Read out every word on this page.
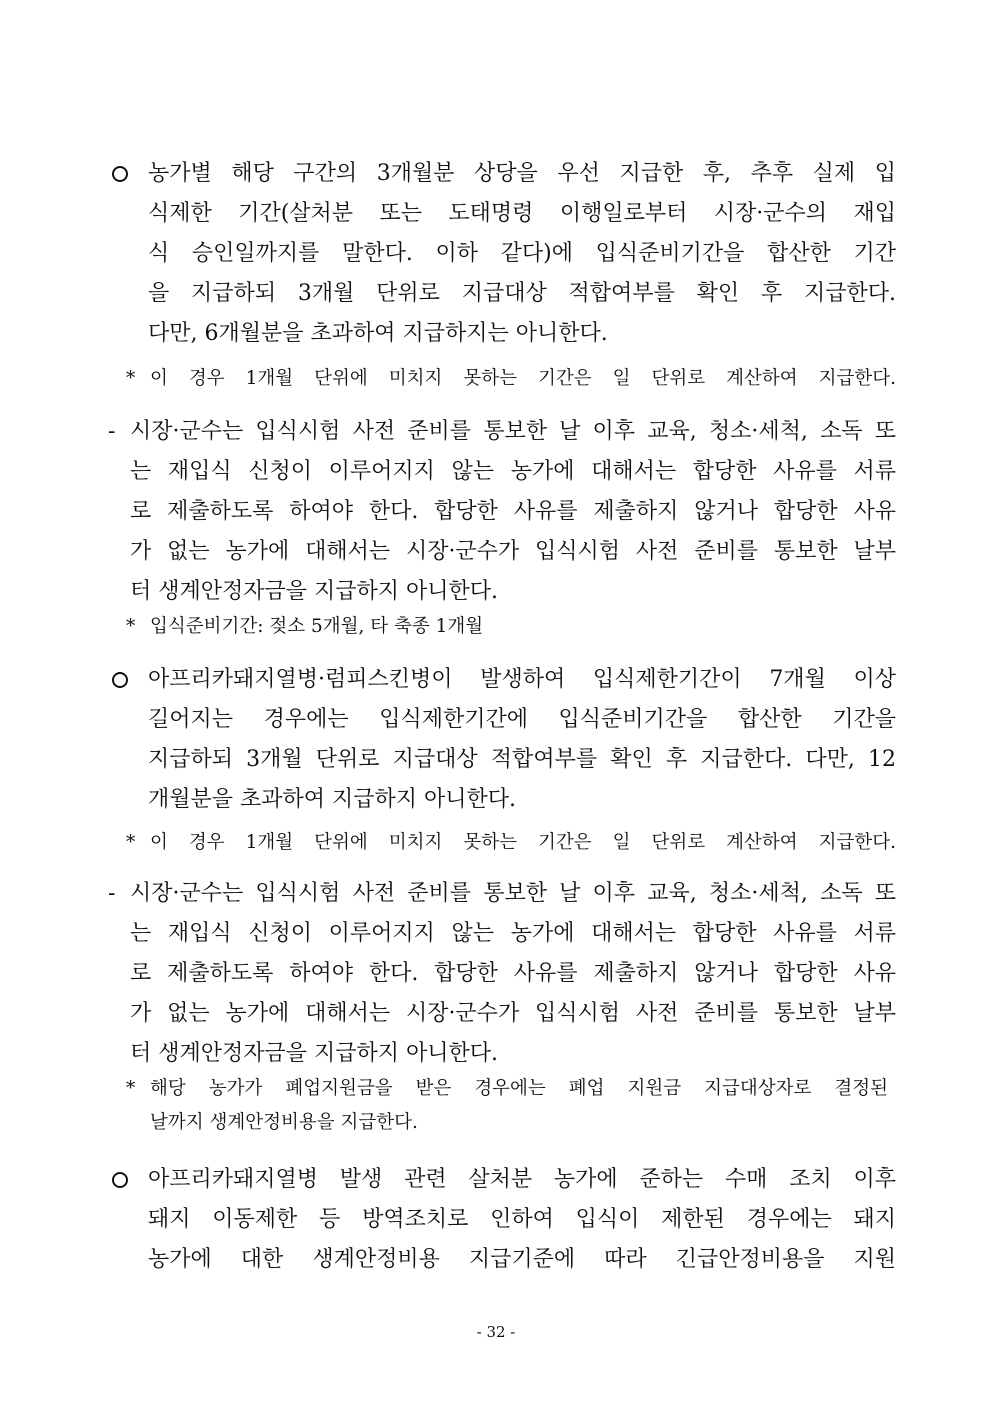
농가별 해당 구간의 3개월분 상당을 우선 지급한 후, 추후 실제 입
식제한 기간(살처분 또는 도태명령 이행일로부터 시장·군수의 재입
식 승인일까지를 말한다. 이하 같다)에 입식준비기간을 합산한 기간
을 지급하되 3개월 단위로 지급대상 적합여부를 확인 후 지급한다.
다만, 6개월분을 초과하여 지급하지는 아니한다.
* 이 경우 1개월 단위에 미치지 못하는 기간은 일 단위로 계산하여 지급한다.
- 시장·군수는 입식시험 사전 준비를 통보한 날 이후 교육, 청소·세척, 소독 또
는 재입식 신청이 이루어지지 않는 농가에 대해서는 합당한 사유를 서류
로 제출하도록 하여야 한다. 합당한 사유를 제출하지 않거나 합당한 사유
가 없는 농가에 대해서는 시장·군수가 입식시험 사전 준비를 통보한 날부
터 생계안정자금을 지급하지 아니한다.
* 입식준비기간: 젖소 5개월, 타 축종 1개월
아프리카돼지열병·럼피스킨병이 발생하여 입식제한기간이 7개월 이상
길어지는 경우에는 입식제한기간에 입식준비기간을 합산한 기간을
지급하되 3개월 단위로 지급대상 적합여부를 확인 후 지급한다. 다만, 12
개월분을 초과하여 지급하지 아니한다.
* 이 경우 1개월 단위에 미치지 못하는 기간은 일 단위로 계산하여 지급한다.
- 시장·군수는 입식시험 사전 준비를 통보한 날 이후 교육, 청소·세척, 소독 또
는 재입식 신청이 이루어지지 않는 농가에 대해서는 합당한 사유를 서류
로 제출하도록 하여야 한다. 합당한 사유를 제출하지 않거나 합당한 사유
가 없는 농가에 대해서는 시장·군수가 입식시험 사전 준비를 통보한 날부
터 생계안정자금을 지급하지 아니한다.
* 해당 농가가 폐업지원금을 받은 경우에는 폐업 지원금 지급대상자로 결정된
날까지 생계안정비용을 지급한다.
아프리카돼지열병 발생 관련 살처분 농가에 준하는 수매 조치 이후
돼지 이동제한 등 방역조치로 인하여 입식이 제한된 경우에는 돼지
농가에 대한 생계안정비용 지급기준에 따라 긴급안정비용을 지원
- 32 -
